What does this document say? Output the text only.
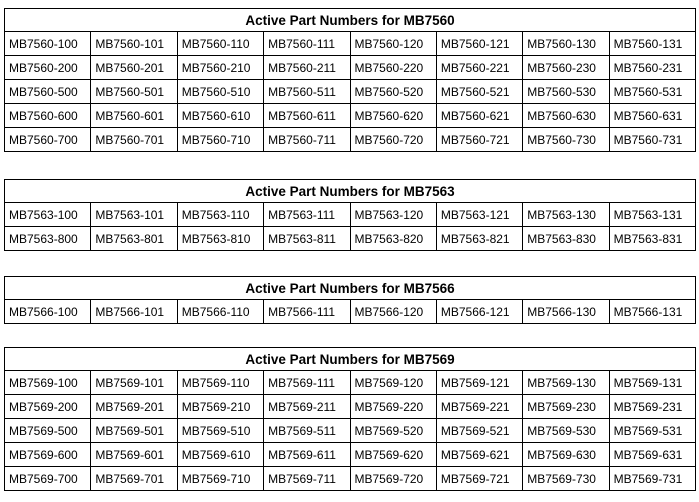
Active Part Numbers for MB7560							
MB7560-100	MB7560-101	MB7560-110	MB7560-111	MB7560-120	MB7560-121	MB7560-130	MB7560-131
MB7560-200	MB7560-201	MB7560-210	MB7560-211	MB7560-220	MB7560-221	MB7560-230	MB7560-231
MB7560-500	MB7560-501	MB7560-510	MB7560-511	MB7560-520	MB7560-521	MB7560-530	MB7560-531
MB7560-600	MB7560-601	MB7560-610	MB7560-611	MB7560-620	MB7560-621	MB7560-630	MB7560-631
MB7560-700	MB7560-701	MB7560-710	MB7560-711	MB7560-720	MB7560-721	MB7560-730	MB7560-731
Active Part Numbers for MB7563							
MB7563-100	MB7563-101	MB7563-110	MB7563-111	MB7563-120	MB7563-121	MB7563-130	MB7563-131
MB7563-800	MB7563-801	MB7563-810	MB7563-811	MB7563-820	MB7563-821	MB7563-830	MB7563-831
Active Part Numbers for MB7566
MB7566-100	MB7566-101	MB7566-110	MB7566-111	MB7566-120	MB7566-121	MB7566-130	MB7566-131
Active Part Numbers for MB7569							
MB7569-100	MB7569-101	MB7569-110	MB7569-111	MB7569-120	MB7569-121	MB7569-130	MB7569-131
MB7569-200	MB7569-201	MB7569-210	MB7569-211	MB7569-220	MB7569-221	MB7569-230	MB7569-231
MB7569-500	MB7569-501	MB7569-510	MB7569-511	MB7569-520	MB7569-521	MB7569-530	MB7569-531
MB7569-600	MB7569-601	MB7569-610	MB7569-611	MB7569-620	MB7569-621	MB7569-630	MB7569-631
MB7569-700	MB7569-701	MB7569-710	MB7569-711	MB7569-720	MB7569-721	MB7569-730	MB7569-731
